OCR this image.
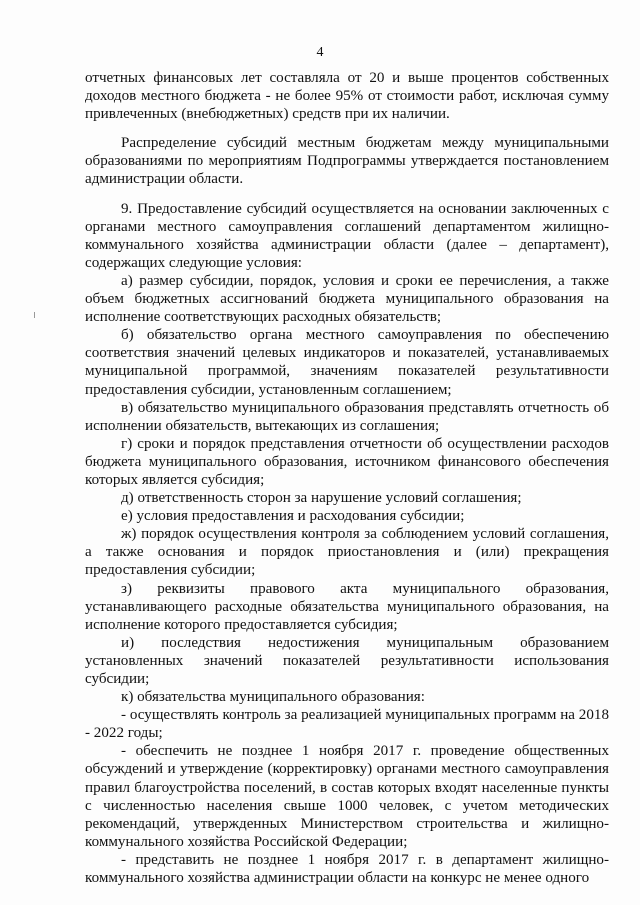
4

отчетных финансовых лет составляла от 20 и выше процентов собственных доходов местного бюджета - не более 95% от стоимости работ, исключая сумму привлеченных (внебюджетных) средств при их наличии.

Распределение субсидий местным бюджетам между муниципальными образованиями по мероприятиям Подпрограммы утверждается постановлением администрации области.

9. Предоставление субсидий осуществляется на основании заключенных с органами местного самоуправления соглашений департаментом жилищно-коммунального хозяйства администрации области (далее – департамент), содержащих следующие условия:

а) размер субсидии, порядок, условия и сроки ее перечисления, а также объем бюджетных ассигнований бюджета муниципального образования на исполнение соответствующих расходных обязательств;

б) обязательство органа местного самоуправления по обеспечению соответствия значений целевых индикаторов и показателей, устанавливаемых муниципальной программой, значениям показателей результативности предоставления субсидии, установленным соглашением;

в) обязательство муниципального образования представлять отчетность об исполнении обязательств, вытекающих из соглашения;

г) сроки и порядок представления отчетности об осуществлении расходов бюджета муниципального образования, источником финансового обеспечения которых является субсидия;

д) ответственность сторон за нарушение условий соглашения;

е) условия предоставления и расходования субсидии;

ж) порядок осуществления контроля за соблюдением условий соглашения, а также основания и порядок приостановления и (или) прекращения предоставления субсидии;

з) реквизиты правового акта муниципального образования, устанавливающего расходные обязательства муниципального образования, на исполнение которого предоставляется субсидия;

и) последствия недостижения муниципальным образованием установленных значений показателей результативности использования субсидии;

к) обязательства муниципального образования:

- осуществлять контроль за реализацией муниципальных программ на 2018 - 2022 годы;

- обеспечить не позднее 1 ноября 2017 г. проведение общественных обсуждений и утверждение (корректировку) органами местного самоуправления правил благоустройства поселений, в состав которых входят населенные пункты с численностью населения свыше 1000 человек, с учетом методических рекомендаций, утвержденных Министерством строительства и жилищно-коммунального хозяйства Российской Федерации;

- представить не позднее 1 ноября 2017 г. в департамент жилищно-коммунального хозяйства администрации области на конкурс не менее одного
